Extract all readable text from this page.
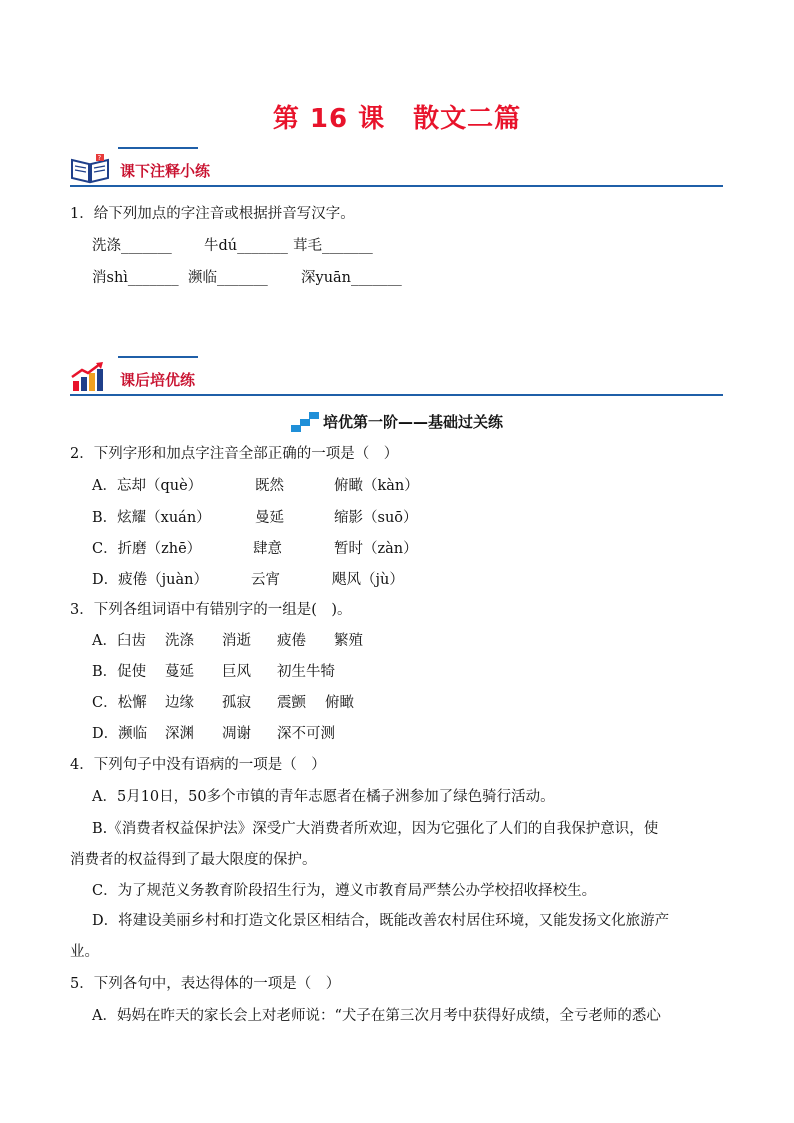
第 16 课 散文二篇
?
课下注释小练
1．给下列加点的字注音或根据拼音写汉字。
洗涤_______ 牛dú_______ 茸毛_______
消shì_______ 濒临_______ 深yuān_______
课后培优练
培优第一阶——基础过关练
2．下列字形和加点字注音全部正确的一项是（　）
A．忘却（què）	既然	俯瞰（kàn）
B．炫耀（xuán）	曼延	缩影（suō）
C．折磨（zhē）	肆意	暂时（zàn）
D．疲倦（juàn）	云宵	飓风（jù）
3．下列各组词语中有错别字的一组是(　)。
A．臼齿 洗涤 消逝 疲倦 繁殖
B．促使 蔓延 巨风 初生牛犄
C．松懈 边缘 孤寂 震颤 俯瞰
D．濒临 深渊 凋谢 深不可测
4．下列句子中没有语病的一项是（　）
A．5月10日，50多个市镇的青年志愿者在橘子洲参加了绿色骑行活动。
B.《消费者权益保护法》深受广大消费者所欢迎，因为它强化了人们的自我保护意识，使
消费者的权益得到了最大限度的保护。
C．为了规范义务教育阶段招生行为，遵义市教育局严禁公办学校招收择校生。
D．将建设美丽乡村和打造文化景区相结合，既能改善农村居住环境，又能发扬文化旅游产
业。
5．下列各句中，表达得体的一项是（　）
A．妈妈在昨天的家长会上对老师说：“犬子在第三次月考中获得好成绩，全亏老师的悉心
